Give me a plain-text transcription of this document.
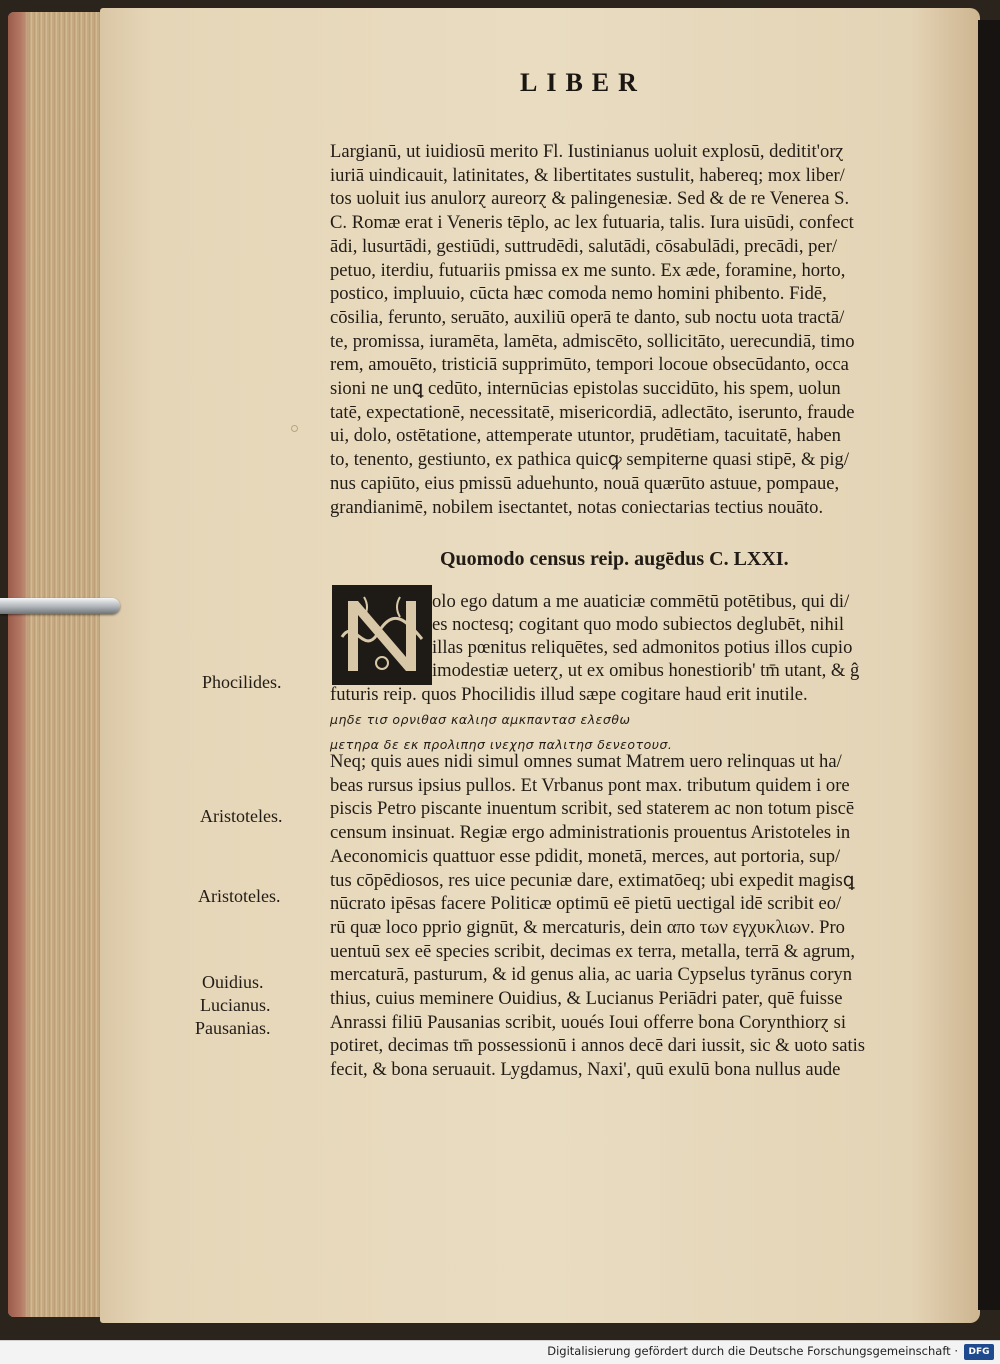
LIBER
Largianū, ut iuidiosū merito Fl. Iustinianus uoluit explosū, deditit'orɀ
iuriā uindicauit, latinitates, & libertitates sustulit, habereq; mox liber/
tos uoluit ius anulorɀ aureorɀ & palingenesiæ. Sed & de re Venerea S.
C. Romæ erat i Veneris tēplo, ac lex futuaria, talis. Iura uisūdi, confect
ādi, lusurtādi, gestiūdi, suttrudēdi, salutādi, cōsabulādi, precādi, per/
petuo, iterdiu, futuariis pmissa ex me sunto. Ex æde, foramine, horto,
postico, impluuio, cūcta hæc comoda nemo homini phibento. Fidē,
cōsilia, ferunto, seruāto, auxiliū operā te danto, sub noctu uota tractā/
te, promissa, iuramēta, lamēta, admiscēto, sollicitāto, uerecundiā, timo
rem, amouēto, tristiciā supprimūto, tempori locoue obsecūdanto, occa
sioni ne unꝗ cedūto, internūcias epistolas succidūto, his spem, uolun
tatē, expectationē, necessitatē, misericordiā, adlectāto, iserunto, fraude
ui, dolo, ostētatione, attemperate utuntor, prudētiam, tacuitatē, haben
to, tenento, gestiunto, ex pathica quicꝙ sempiterne quasi stipē, & pig/
nus capiūto, eius pmissū aduehunto, nouā quærūto astuue, pompaue,
grandianimē, nobilem isectantet, notas coniectarias tectius nouāto.
Quomodo census reip. augēdus C. LXXI.
olo ego datum a me auaticiæ commētū potētibus, qui di/
es noctesq; cogitant quo modo subiectos deglubēt, nihil
illas pœnitus reliquētes, sed admonitos potius illos cupio
imodestiæ ueterɀ, ut ex omibus honestiorib' tm̄ utant, & ĝ
futuris reip. quos Phocilidis illud sæpe cogitare haud erit inutile.
μηδε τισ ορνιθασ καλιησ αμκπαντασ ελεσθω
μετηρα δε εκ προλιπησ ινεχησ παλιτησ δενεοτουσ.
Neq; quis aues nidi simul omnes sumat Matrem uero relinquas ut ha/
beas rursus ipsius pullos. Et Vrbanus pont max. tributum quidem i ore
piscis Petro piscante inuentum scribit, sed staterem ac non totum piscē
censum insinuat. Regiæ ergo administrationis prouentus Aristoteles in
Aeconomicis quattuor esse pdidit, monetā, merces, aut portoria, sup/
tus cōpēdiosos, res uice pecuniæ dare, extimatōeq; ubi expedit magisꝗ
nūcrato ipēsas facere Politicæ optimū eē pietū uectigal idē scribit eo/
rū quæ loco pprio gignūt, & mercaturis, dein απο των εγχυκλιων. Pro
uentuū sex eē species scribit, decimas ex terra, metalla, terrā & agrum,
mercaturā, pasturum, & id genus alia, ac uaria Cypselus tyrānus coryn
thius, cuius meminere Ouidius, & Lucianus Periādri pater, quē fuisse
Anrassi filiū Pausanias scribit, uoués Ioui offerre bona Corynthiorɀ si
potiret, decimas tm̄ possessionū i annos decē dari iussit, sic & uoto satis
fecit, & bona seruauit. Lygdamus, Naxi', quū exulū bona nullus aude

Phocilides.

Aristoteles.

Aristoteles.

Ouidius.

Lucianus.

Pausanias.

Digitalisierung gefördert durch die Deutsche Forschungsgemeinschaft ·	DFG
